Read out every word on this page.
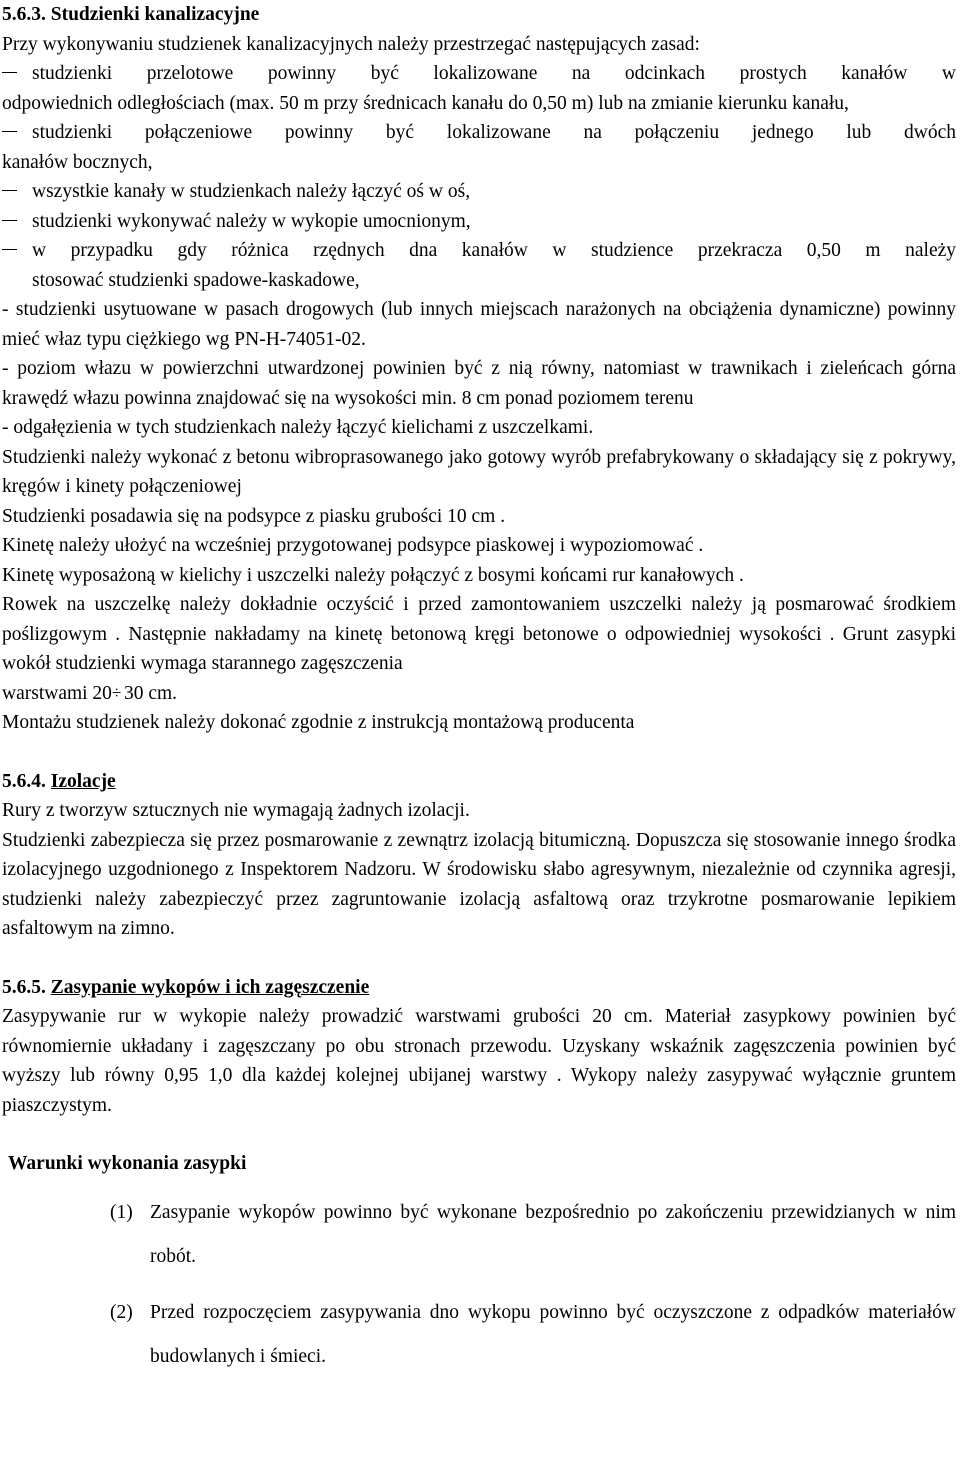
5.6.3. Studzienki kanalizacyjne

Przy wykonywaniu studzienek kanalizacyjnych należy przestrzegać następujących zasad:

studzienki przelotowe powinny być lokalizowane na odcinkach prostych kanałów w

odpowiednich odległościach (max. 50 m przy średnicach kanału do 0,50 m) lub na zmianie kierunku kanału,

studzienki połączeniowe powinny być lokalizowane na połączeniu jednego lub dwóch

kanałów bocznych,

wszystkie kanały w studzienkach należy łączyć oś w oś,
studzienki wykonywać należy w wykopie umocnionym,
w przypadku gdy różnica rzędnych dna kanałów w studzience przekracza 0,50 m należy

stosować studzienki spadowe-kaskadowe,

- studzienki usytuowane w pasach drogowych (lub innych miejscach narażonych na obciążenia dynamiczne) powinny mieć właz typu ciężkiego wg PN-H-74051-02.

- poziom włazu w powierzchni utwardzonej powinien być z nią równy, natomiast w trawnikach i zieleńcach górna krawędź włazu powinna znajdować się na wysokości min. 8 cm ponad poziomem terenu

- odgałęzienia w tych studzienkach należy łączyć kielichami z uszczelkami.

Studzienki należy wykonać z betonu wibroprasowanego jako gotowy wyrób prefabrykowany o składający się z pokrywy, kręgów i kinety połączeniowej

Studzienki posadawia się na podsypce z piasku grubości 10 cm .

Kinetę należy ułożyć na wcześniej przygotowanej podsypce piaskowej i wypoziomować .

Kinetę wyposażoną w kielichy i uszczelki należy połączyć z bosymi końcami rur kanałowych .

Rowek na uszczelkę należy dokładnie oczyścić i przed zamontowaniem uszczelki należy ją posmarować środkiem poślizgowym . Następnie nakładamy na kinetę betonową kręgi betonowe o odpowiedniej wysokości . Grunt zasypki wokół studzienki wymaga starannego zagęszczenia

warstwami 20÷ 30 cm.

Montażu studzienek należy dokonać zgodnie z instrukcją montażową producenta

5.6.4. Izolacje

Rury z tworzyw sztucznych nie wymagają żadnych izolacji.

Studzienki zabezpiecza się przez posmarowanie z zewnątrz izolacją bitumiczną. Dopuszcza się stosowanie innego środka izolacyjnego uzgodnionego z Inspektorem Nadzoru. W środowisku słabo agresywnym, niezależnie od czynnika agresji, studzienki należy zabezpieczyć przez zagruntowanie izolacją asfaltową oraz trzykrotne posmarowanie lepikiem asfaltowym na zimno.

5.6.5. Zasypanie wykopów i ich zagęszczenie

Zasypywanie rur w wykopie należy prowadzić warstwami grubości 20 cm. Materiał zasypkowy powinien być równomiernie układany i zagęszczany po obu stronach przewodu. Uzyskany wskaźnik zagęszczenia powinien być wyższy lub równy 0,95 1,0 dla każdej kolejnej ubijanej warstwy . Wykopy należy zasypywać wyłącznie gruntem piaszczystym.

Warunki wykonania zasypki

(1) Zasypanie wykopów powinno być wykonane bezpośrednio po zakończeniu przewidzianych w nim robót.
(2) Przed rozpoczęciem zasypywania dno wykopu powinno być oczyszczone z odpadków materiałów budowlanych i śmieci.
